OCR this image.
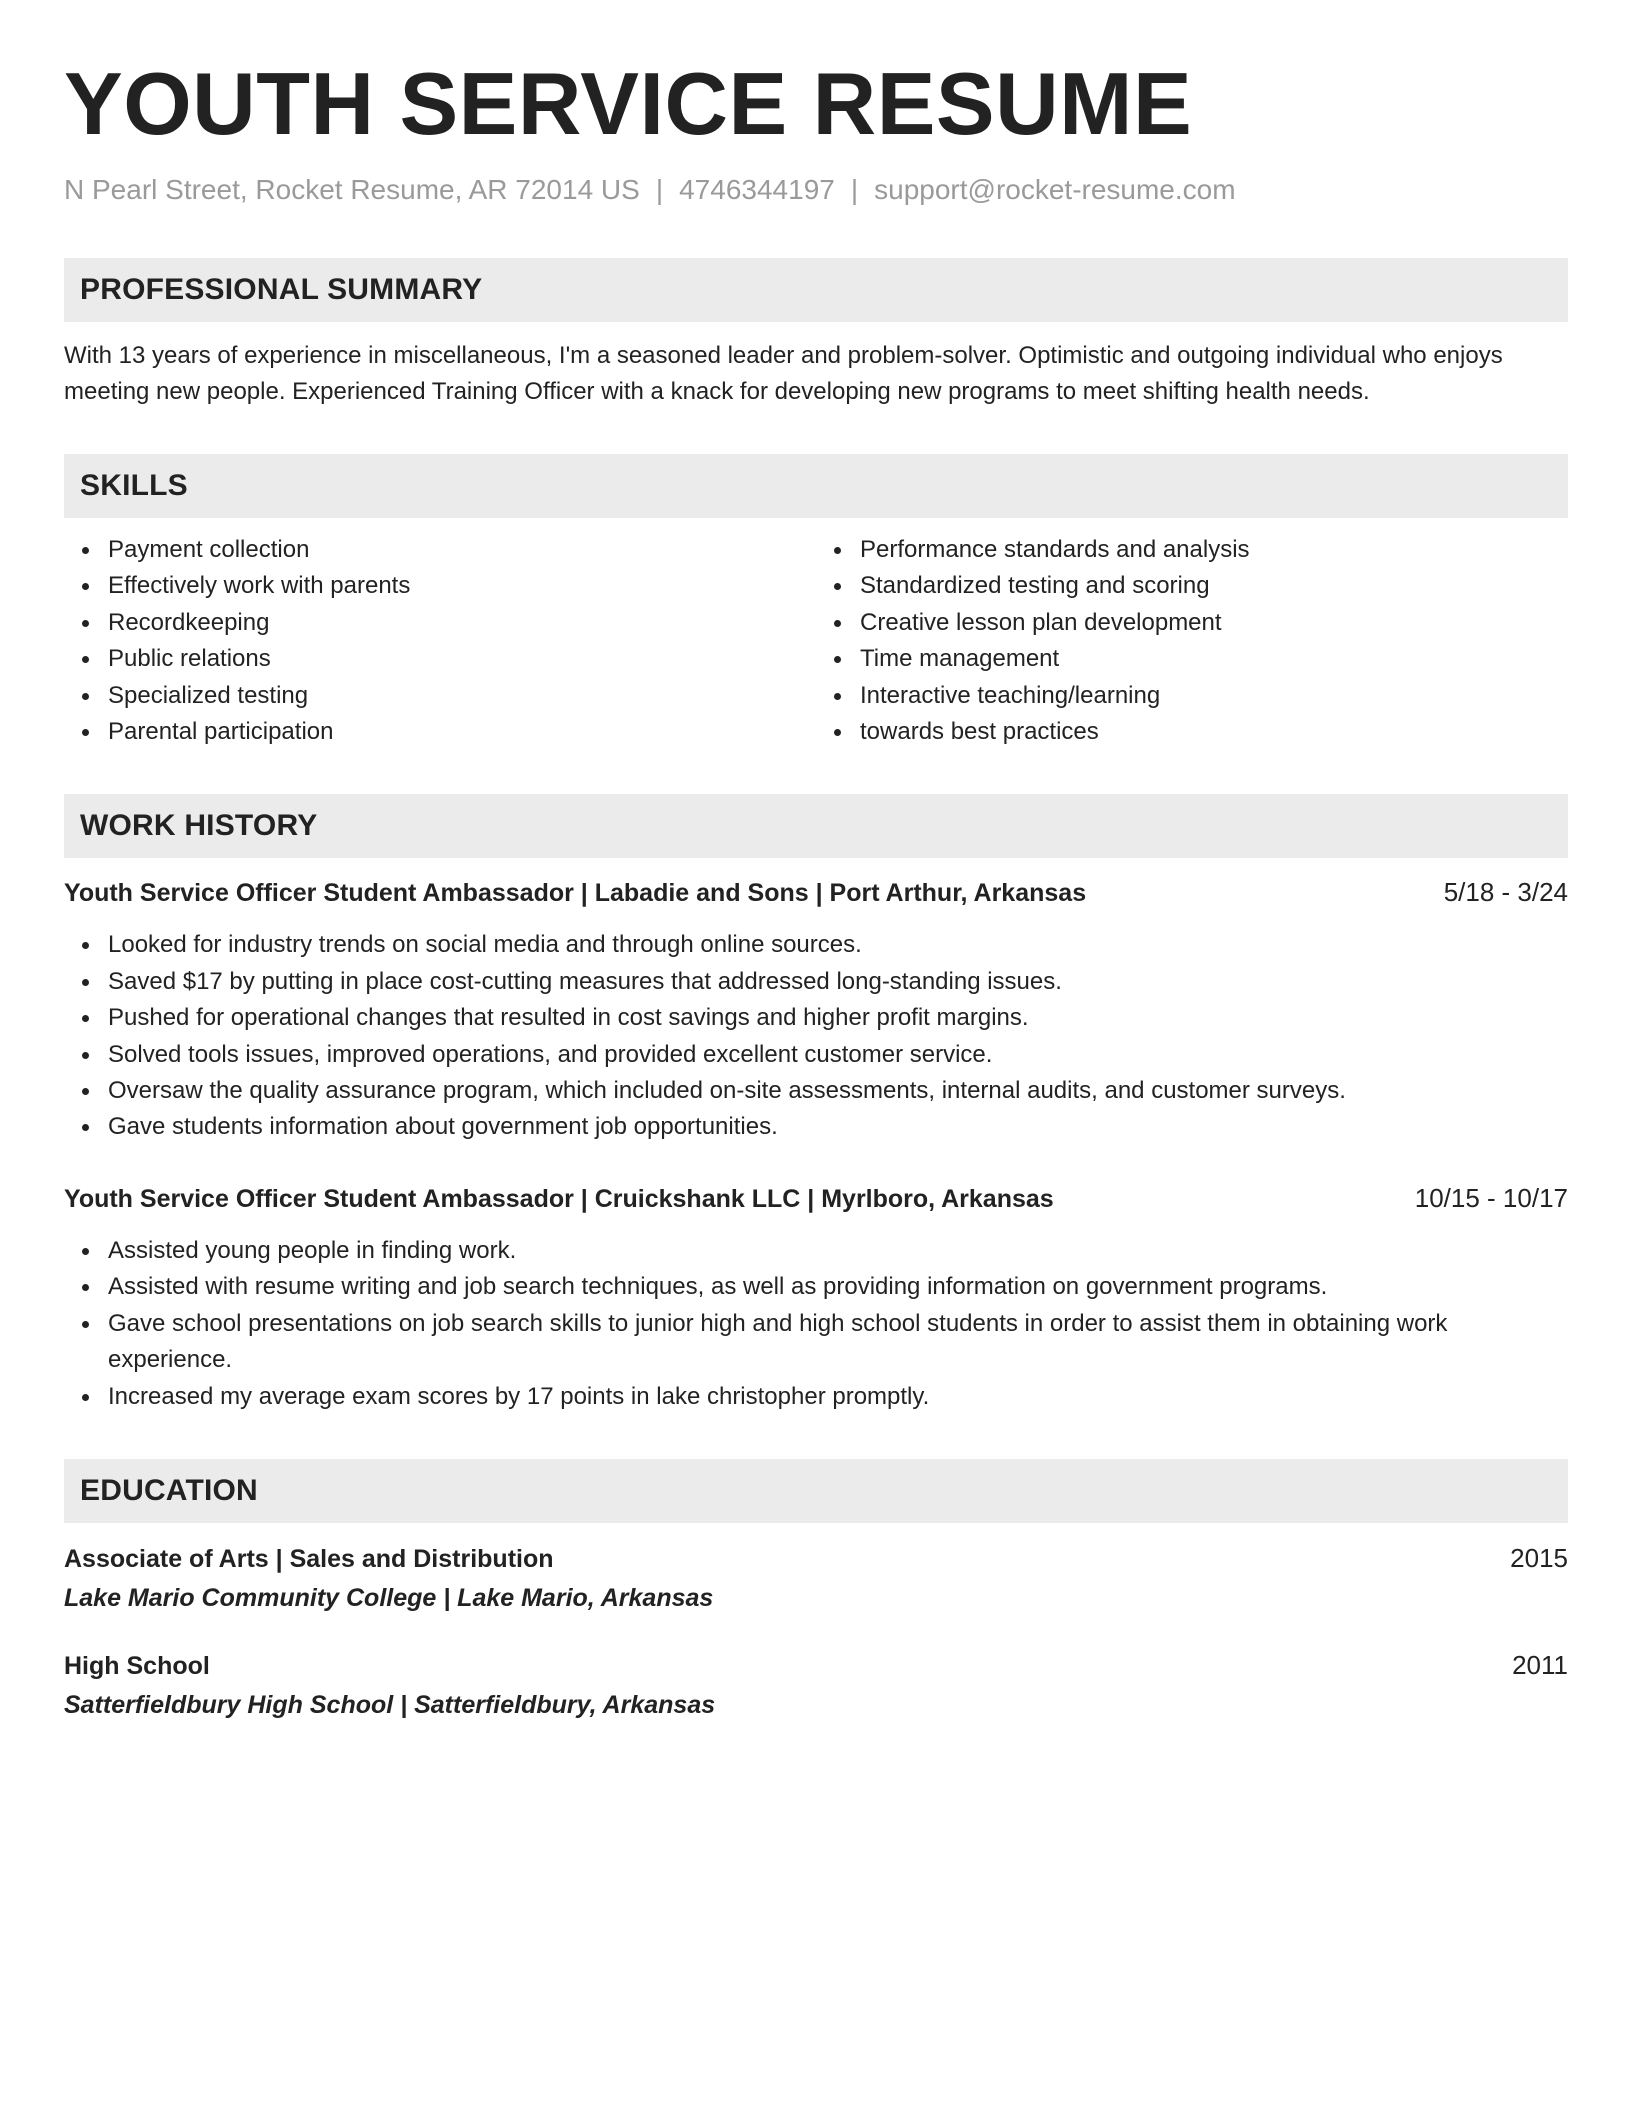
YOUTH SERVICE RESUME
N Pearl Street, Rocket Resume, AR 72014 US | 4746344197 | support@rocket-resume.com
PROFESSIONAL SUMMARY
With 13 years of experience in miscellaneous, I'm a seasoned leader and problem-solver. Optimistic and outgoing individual who enjoys meeting new people. Experienced Training Officer with a knack for developing new programs to meet shifting health needs.
SKILLS
Payment collection
Effectively work with parents
Recordkeeping
Public relations
Specialized testing
Parental participation
Performance standards and analysis
Standardized testing and scoring
Creative lesson plan development
Time management
Interactive teaching/learning
towards best practices
WORK HISTORY
Youth Service Officer Student Ambassador | Labadie and Sons | Port Arthur, Arkansas	5/18 - 3/24
Looked for industry trends on social media and through online sources.
Saved $17 by putting in place cost-cutting measures that addressed long-standing issues.
Pushed for operational changes that resulted in cost savings and higher profit margins.
Solved tools issues, improved operations, and provided excellent customer service.
Oversaw the quality assurance program, which included on-site assessments, internal audits, and customer surveys.
Gave students information about government job opportunities.
Youth Service Officer Student Ambassador | Cruickshank LLC | Myrlboro, Arkansas	10/15 - 10/17
Assisted young people in finding work.
Assisted with resume writing and job search techniques, as well as providing information on government programs.
Gave school presentations on job search skills to junior high and high school students in order to assist them in obtaining work experience.
Increased my average exam scores by 17 points in lake christopher promptly.
EDUCATION
Associate of Arts | Sales and Distribution	2015
Lake Mario Community College | Lake Mario, Arkansas
High School	2011
Satterfieldbury High School | Satterfieldbury, Arkansas
